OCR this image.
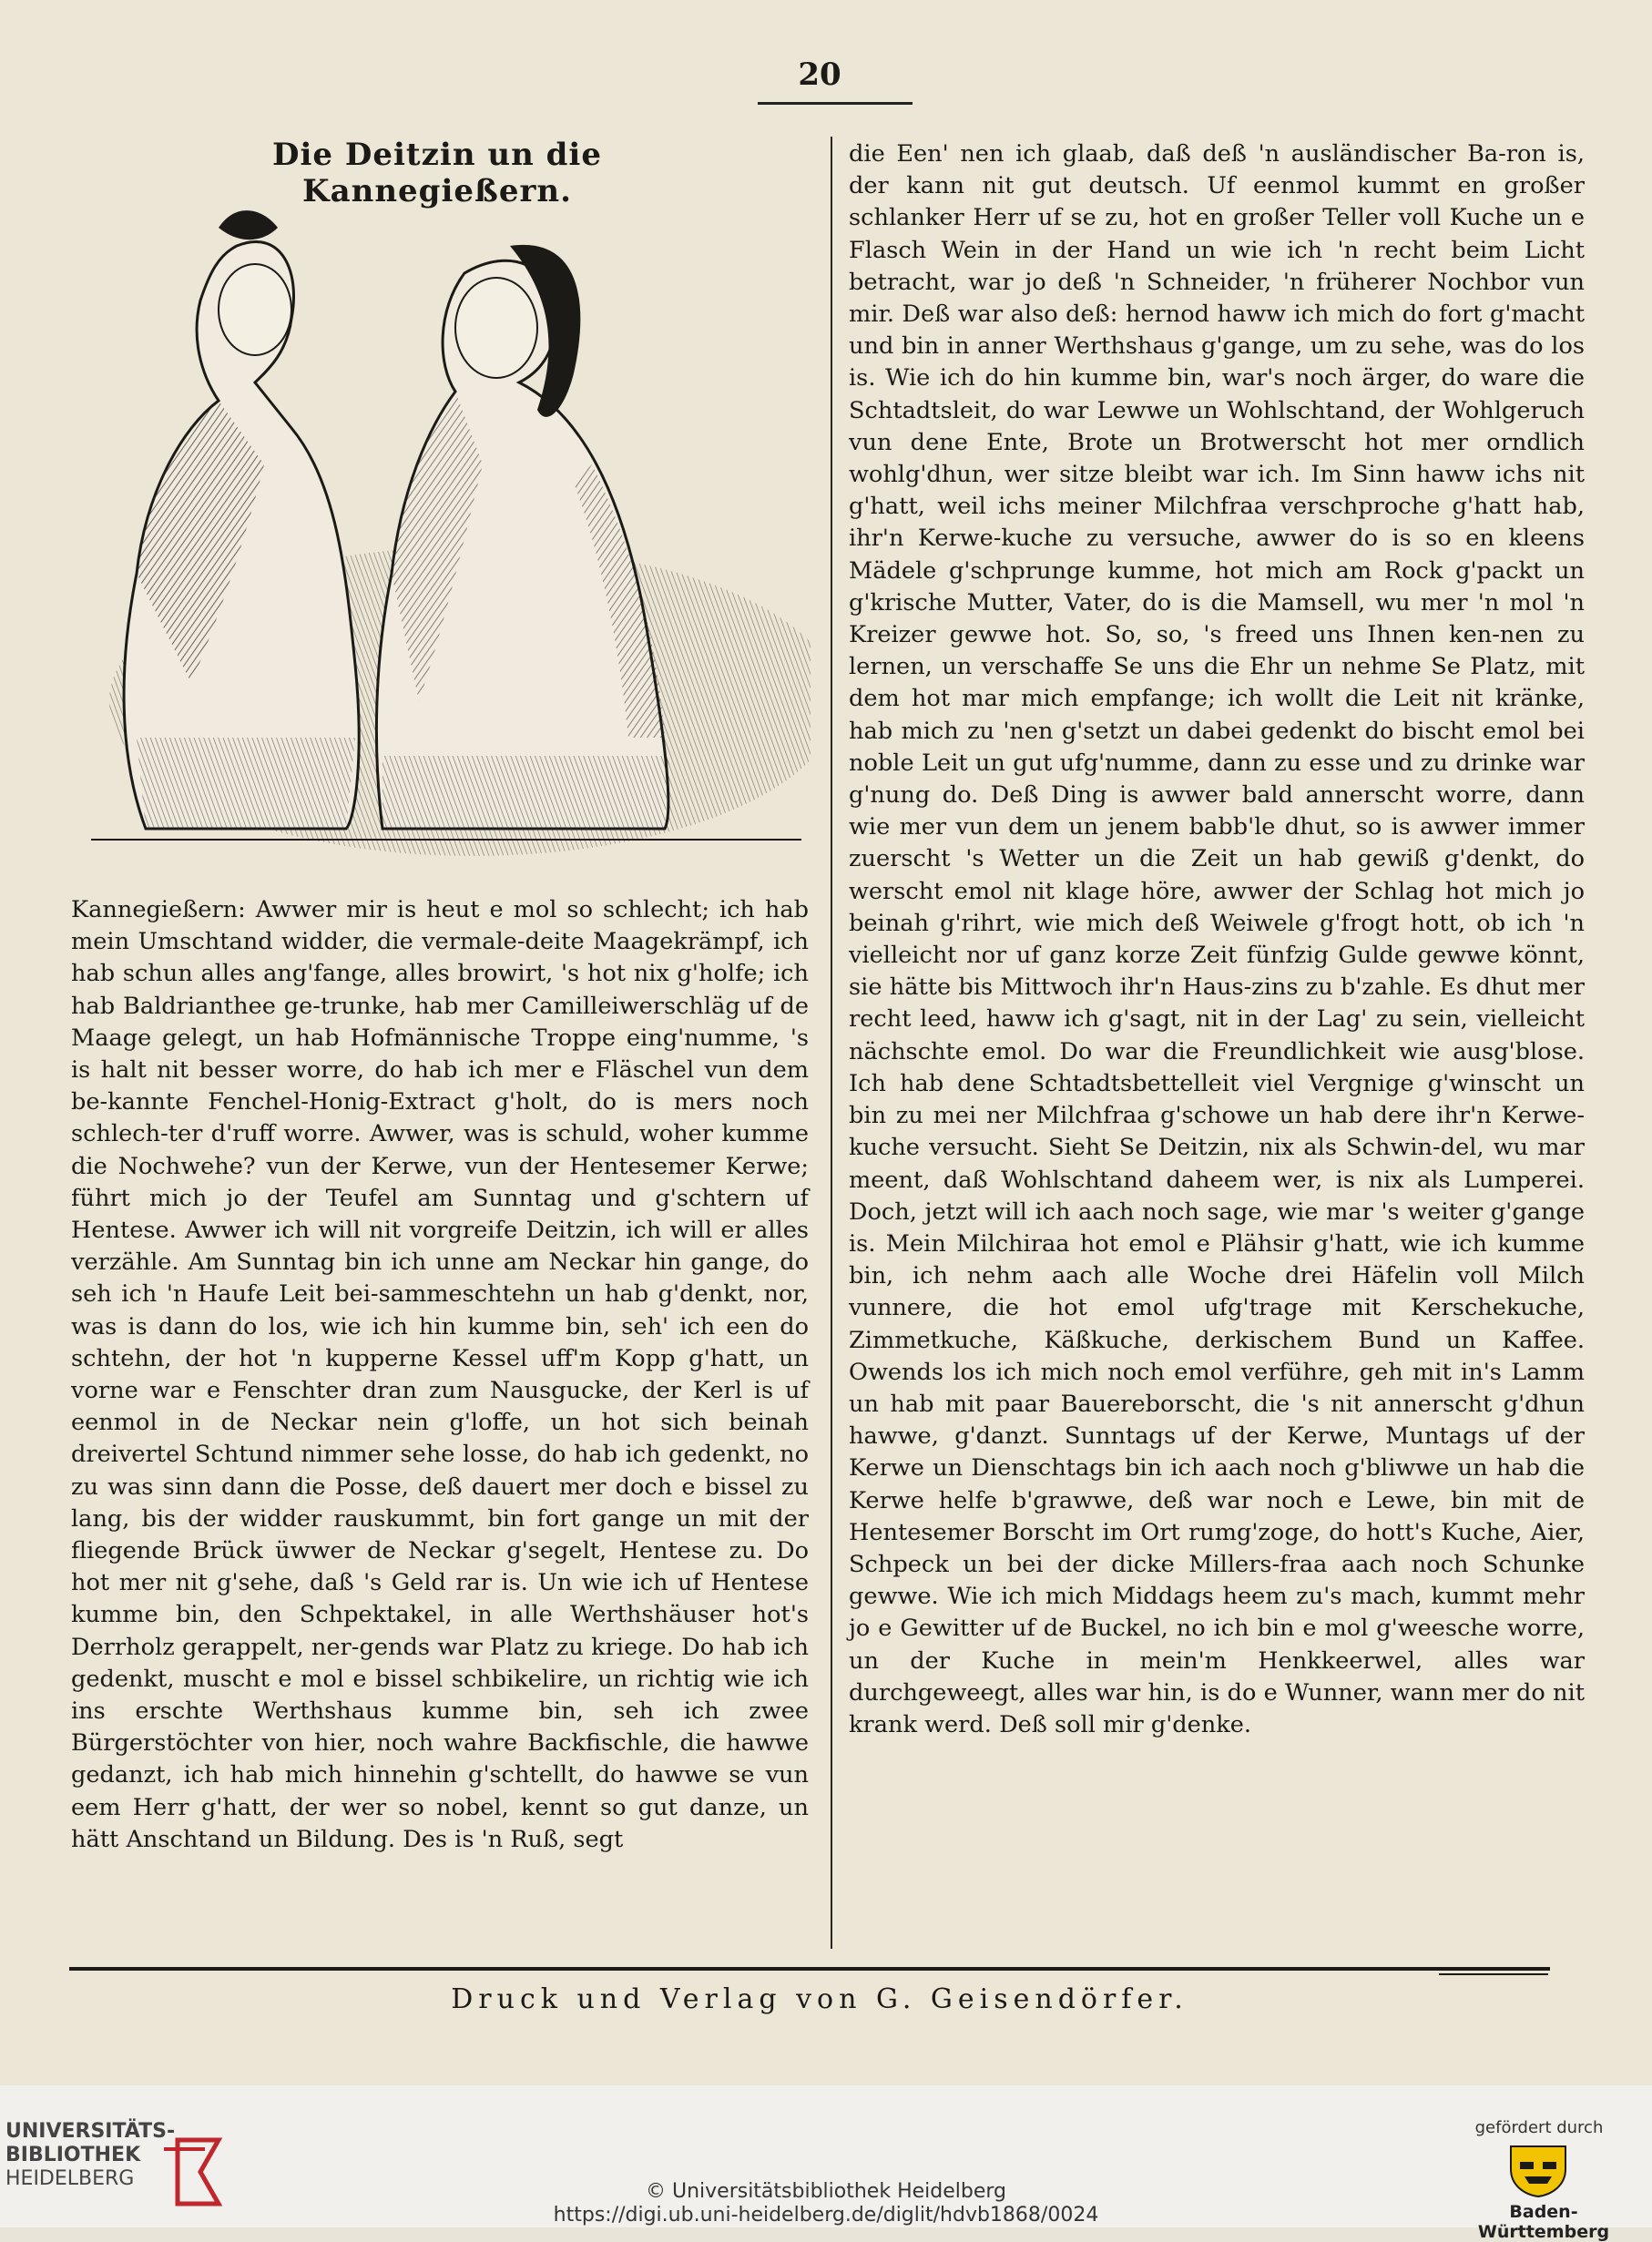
20
Die Deitzin un die Kannegießern.

Kannegießern: Awwer mir is heut e mol so schlecht; ich hab mein Umschtand widder, die vermale-deite Maagekrämpf, ich hab schun alles ang'fange, alles browirt, 's hot nix g'holfe; ich hab Baldrianthee ge-trunke, hab mer Camilleiwerschläg uf de Maage gelegt, un hab Hofmännische Troppe eing'numme, 's is halt nit besser worre, do hab ich mer e Fläschel vun dem be-kannte Fenchel-Honig-Extract g'holt, do is mers noch schlech-ter d'ruff worre. Awwer, was is schuld, woher kumme die Nochwehe? vun der Kerwe, vun der Hentesemer Kerwe; führt mich jo der Teufel am Sunntag und g'schtern uf Hentese. Awwer ich will nit vorgreife Deitzin, ich will er alles verzähle. Am Sunntag bin ich unne am Neckar hin gange, do seh ich 'n Haufe Leit bei-sammeschtehn un hab g'denkt, nor, was is dann do los, wie ich hin kumme bin, seh' ich een do schtehn, der hot 'n kupperne Kessel uff'm Kopp g'hatt, un vorne war e Fenschter dran zum Nausgucke, der Kerl is uf eenmol in de Neckar nein g'loffe, un hot sich beinah dreivertel Schtund nimmer sehe losse, do hab ich gedenkt, no zu was sinn dann die Posse, deß dauert mer doch e bissel zu lang, bis der widder rauskummt, bin fort gange un mit der fliegende Brück üwwer de Neckar g'segelt, Hentese zu. Do hot mer nit g'sehe, daß 's Geld rar is. Un wie ich uf Hentese kumme bin, den Schpektakel, in alle Werthshäuser hot's Derrholz gerappelt, ner-gends war Platz zu kriege. Do hab ich gedenkt, muscht e mol e bissel schbikelire, un richtig wie ich ins erschte Werthshaus kumme bin, seh ich zwee Bürgerstöchter von hier, noch wahre Backfischle, die hawwe gedanzt, ich hab mich hinnehin g'schtellt, do hawwe se vun eem Herr g'hatt, der wer so nobel, kennt so gut danze, un hätt Anschtand un Bildung. Des is 'n Ruß, segt

die Een' nen ich glaab, daß deß 'n ausländischer Ba-ron is, der kann nit gut deutsch. Uf eenmol kummt en großer schlanker Herr uf se zu, hot en großer Teller voll Kuche un e Flasch Wein in der Hand un wie ich 'n recht beim Licht betracht, war jo deß 'n Schneider, 'n früherer Nochbor vun mir. Deß war also deß: hernod haww ich mich do fort g'macht und bin in anner Werthshaus g'gange, um zu sehe, was do los is. Wie ich do hin kumme bin, war's noch ärger, do ware die Schtadtsleit, do war Lewwe un Wohlschtand, der Wohlgeruch vun dene Ente, Brote un Brotwerscht hot mer orndlich wohlg'dhun, wer sitze bleibt war ich. Im Sinn haww ichs nit g'hatt, weil ichs meiner Milchfraa verschproche g'hatt hab, ihr'n Kerwe-kuche zu versuche, awwer do is so en kleens Mädele g'schprunge kumme, hot mich am Rock g'packt un g'krische Mutter, Vater, do is die Mamsell, wu mer 'n mol 'n Kreizer gewwe hot. So, so, 's freed uns Ihnen ken-nen zu lernen, un verschaffe Se uns die Ehr un nehme Se Platz, mit dem hot mar mich empfange; ich wollt die Leit nit kränke, hab mich zu 'nen g'setzt un dabei gedenkt do bischt emol bei noble Leit un gut ufg'numme, dann zu esse und zu drinke war g'nung do. Deß Ding is awwer bald annerscht worre, dann wie mer vun dem un jenem babb'le dhut, so is awwer immer zuerscht 's Wetter un die Zeit un hab gewiß g'denkt, do werscht emol nit klage höre, awwer der Schlag hot mich jo beinah g'rihrt, wie mich deß Weiwele g'frogt hott, ob ich 'n vielleicht nor uf ganz korze Zeit fünfzig Gulde gewwe könnt, sie hätte bis Mittwoch ihr'n Haus-zins zu b'zahle. Es dhut mer recht leed, haww ich g'sagt, nit in der Lag' zu sein, vielleicht nächschte emol. Do war die Freundlichkeit wie ausg'blose. Ich hab dene Schtadtsbettelleit viel Vergnige g'winscht un bin zu mei ner Milchfraa g'schowe un hab dere ihr'n Kerwe-kuche versucht. Sieht Se Deitzin, nix als Schwin-del, wu mar meent, daß Wohlschtand daheem wer, is nix als Lumperei. Doch, jetzt will ich aach noch sage, wie mar 's weiter g'gange is. Mein Milchiraa hot emol e Plähsir g'hatt, wie ich kumme bin, ich nehm aach alle Woche drei Häfelin voll Milch vunnere, die hot emol ufg'trage mit Kerschekuche, Zimmetkuche, Käßkuche, derkischem Bund un Kaffee. Owends los ich mich noch emol verführe, geh mit in's Lamm un hab mit paar Bauereborscht, die 's nit annerscht g'dhun hawwe, g'danzt. Sunntags uf der Kerwe, Muntags uf der Kerwe un Dienschtags bin ich aach noch g'bliwwe un hab die Kerwe helfe b'grawwe, deß war noch e Lewe, bin mit de Hentesemer Borscht im Ort rumg'zoge, do hott's Kuche, Aier, Schpeck un bei der dicke Millers-fraa aach noch Schunke gewwe. Wie ich mich Middags heem zu's mach, kummt mehr jo e Gewitter uf de Buckel, no ich bin e mol g'weesche worre, un der Kuche in mein'm Henkkeerwel, alles war durchgeweegt, alles war hin, is do e Wunner, wann mer do nit krank werd. Deß soll mir g'denke.

Druck und Verlag von G. Geisendörfer.
UNIVERSITÄTS-
BIBLIOTHEK
HEIDELBERG
© Universitätsbibliothek Heidelberg
https://digi.ub.uni-heidelberg.de/diglit/hdvb1868/0024
gefördert durch
Baden-Württemberg
